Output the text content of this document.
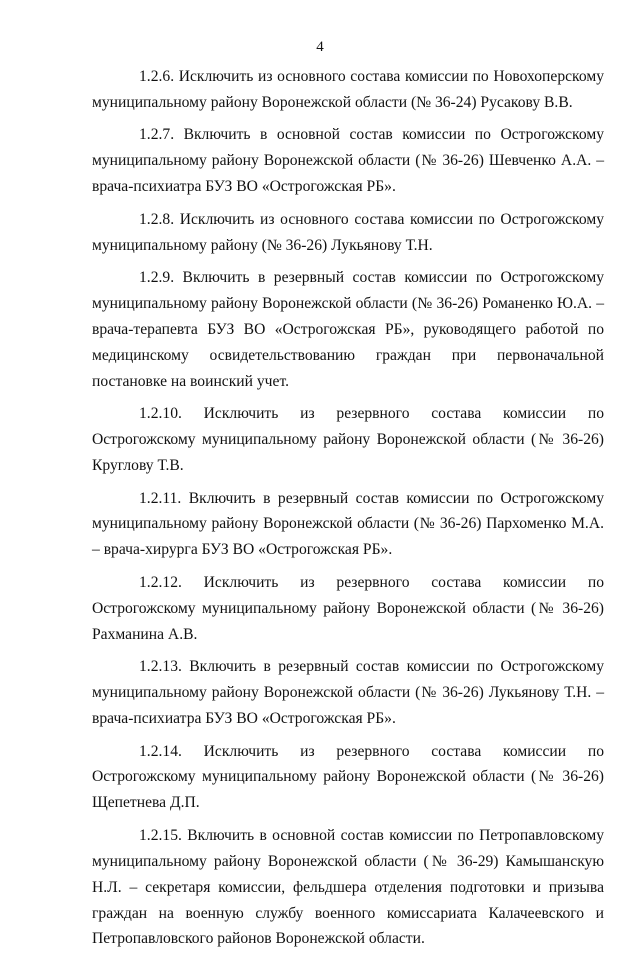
4

1.2.6. Исключить из основного состава комиссии по Новохоперскому муниципальному району Воронежской области (№ 36-24) Русакову В.В.

1.2.7. Включить в основной состав комиссии по Острогожскому муниципальному району Воронежской области (№ 36-26) Шевченко А.А. – врача-психиатра БУЗ ВО «Острогожская РБ».

1.2.8. Исключить из основного состава комиссии по Острогожскому муниципальному району (№ 36-26) Лукьянову Т.Н.

1.2.9. Включить в резервный состав комиссии по Острогожскому муниципальному району Воронежской области (№ 36-26) Романенко Ю.А. – врача-терапевта БУЗ ВО «Острогожская РБ», руководящего работой по медицинскому освидетельствованию граждан при первоначальной постановке на воинский учет.

1.2.10. Исключить из резервного состава комиссии по Острогожскому муниципальному району Воронежской области (№ 36-26) Круглову Т.В.

1.2.11. Включить в резервный состав комиссии по Острогожскому муниципальному району Воронежской области (№ 36-26) Пархоменко М.А. – врача-хирурга БУЗ ВО «Острогожская РБ».

1.2.12. Исключить из резервного состава комиссии по Острогожскому муниципальному району Воронежской области (№ 36-26) Рахманина А.В.

1.2.13. Включить в резервный состав комиссии по Острогожскому муниципальному району Воронежской области (№ 36-26) Лукьянову Т.Н. – врача-психиатра БУЗ ВО «Острогожская РБ».

1.2.14. Исключить из резервного состава комиссии по Острогожскому муниципальному району Воронежской области (№ 36-26) Щепетнева Д.П.

1.2.15. Включить в основной состав комиссии по Петропавловскому муниципальному району Воронежской области (№ 36-29) Камышанскую Н.Л. – секретаря комиссии, фельдшера отделения подготовки и призыва граждан на военную службу военного комиссариата Калачеевского и Петропавловского районов Воронежской области.
